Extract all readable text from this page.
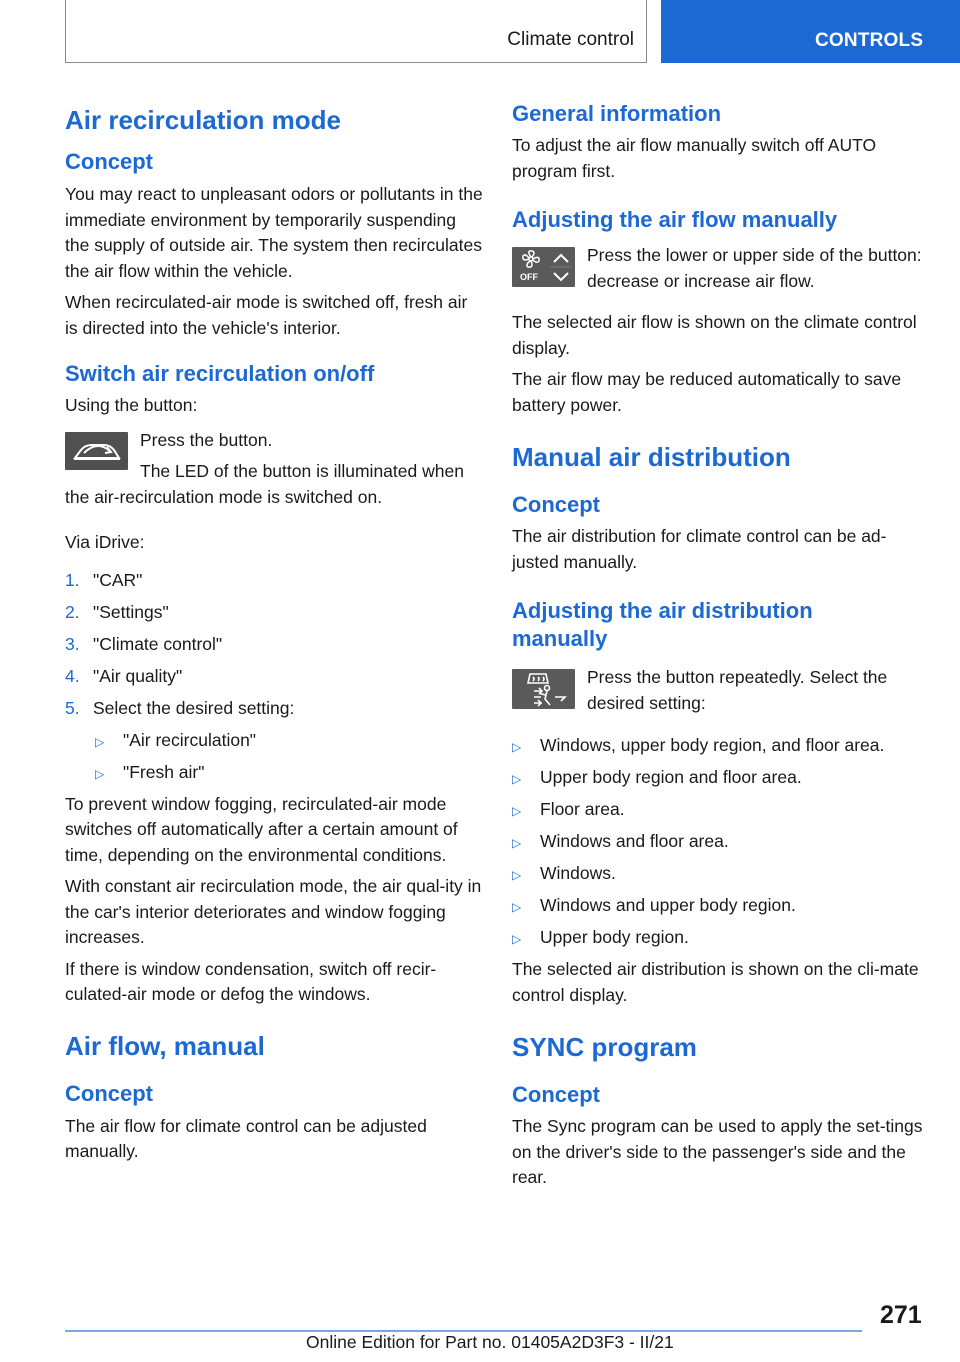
Climate control	CONTROLS
Air recirculation mode
Concept

You may react to unpleasant odors or pollutants in the immediate environment by temporarily suspending the supply of outside air. The system then recirculates the air flow within the vehicle.

When recirculated-air mode is switched off, fresh air is directed into the vehicle's interior.

Switch air recirculation on/off

Using the button:

Press the button.

The LED of the button is illuminated when the air-recirculation mode is switched on.

Via iDrive:

1. "CAR"
2. "Settings"
3. "Climate control"
4. "Air quality"
5. Select the desired setting:
▷ "Air recirculation"
▷ "Fresh air"

To prevent window fogging, recirculated-air mode switches off automatically after a certain amount of time, depending on the environmental conditions.

With constant air recirculation mode, the air qual-ity in the car's interior deteriorates and window fogging increases.

If there is window condensation, switch off recir-culated-air mode or defog the windows.

Air flow, manual
Concept

The air flow for climate control can be adjusted manually.

General information

To adjust the air flow manually switch off AUTO program first.

Adjusting the air flow manually
OFF

Press the lower or upper side of the button: decrease or increase air flow.

The selected air flow is shown on the climate control display.

The air flow may be reduced automatically to save battery power.

Manual air distribution
Concept

The air distribution for climate control can be ad-justed manually.

Adjusting the air distribution manually

Press the button repeatedly. Select the desired setting:

▷ Windows, upper body region, and floor area.
▷ Upper body region and floor area.
▷ Floor area.
▷ Windows and floor area.
▷ Windows.
▷ Windows and upper body region.
▷ Upper body region.

The selected air distribution is shown on the cli-mate control display.

SYNC program
Concept

The Sync program can be used to apply the set-tings on the driver's side to the passenger's side and the rear.

271
Online Edition for Part no. 01405A2D3F3 - II/21
